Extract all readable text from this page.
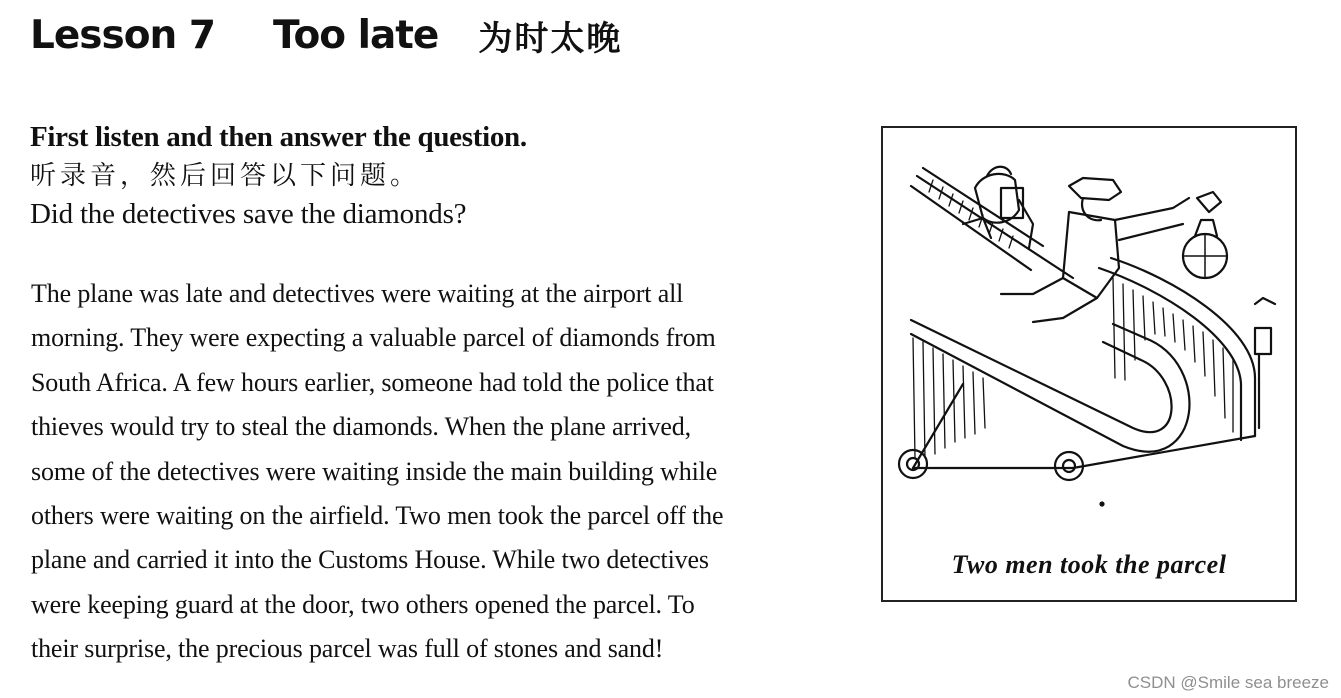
Lesson 7 Too late 为时太晚
First listen and then answer the question.
听录音，然后回答以下问题。
Did the detectives save the diamonds?
The plane was late and detectives were waiting at the airport all
morning. They were expecting a valuable parcel of diamonds from
South Africa. A few hours earlier, someone had told the police that
thieves would try to steal the diamonds. When the plane arrived,
some of the detectives were waiting inside the main building while
others were waiting on the airfield. Two men took the parcel off the
plane and carried it into the Customs House. While two detectives
were keeping guard at the door, two others opened the parcel. To
their surprise, the precious parcel was full of stones and sand!
Two men took the parcel
CSDN @Smile sea breeze
